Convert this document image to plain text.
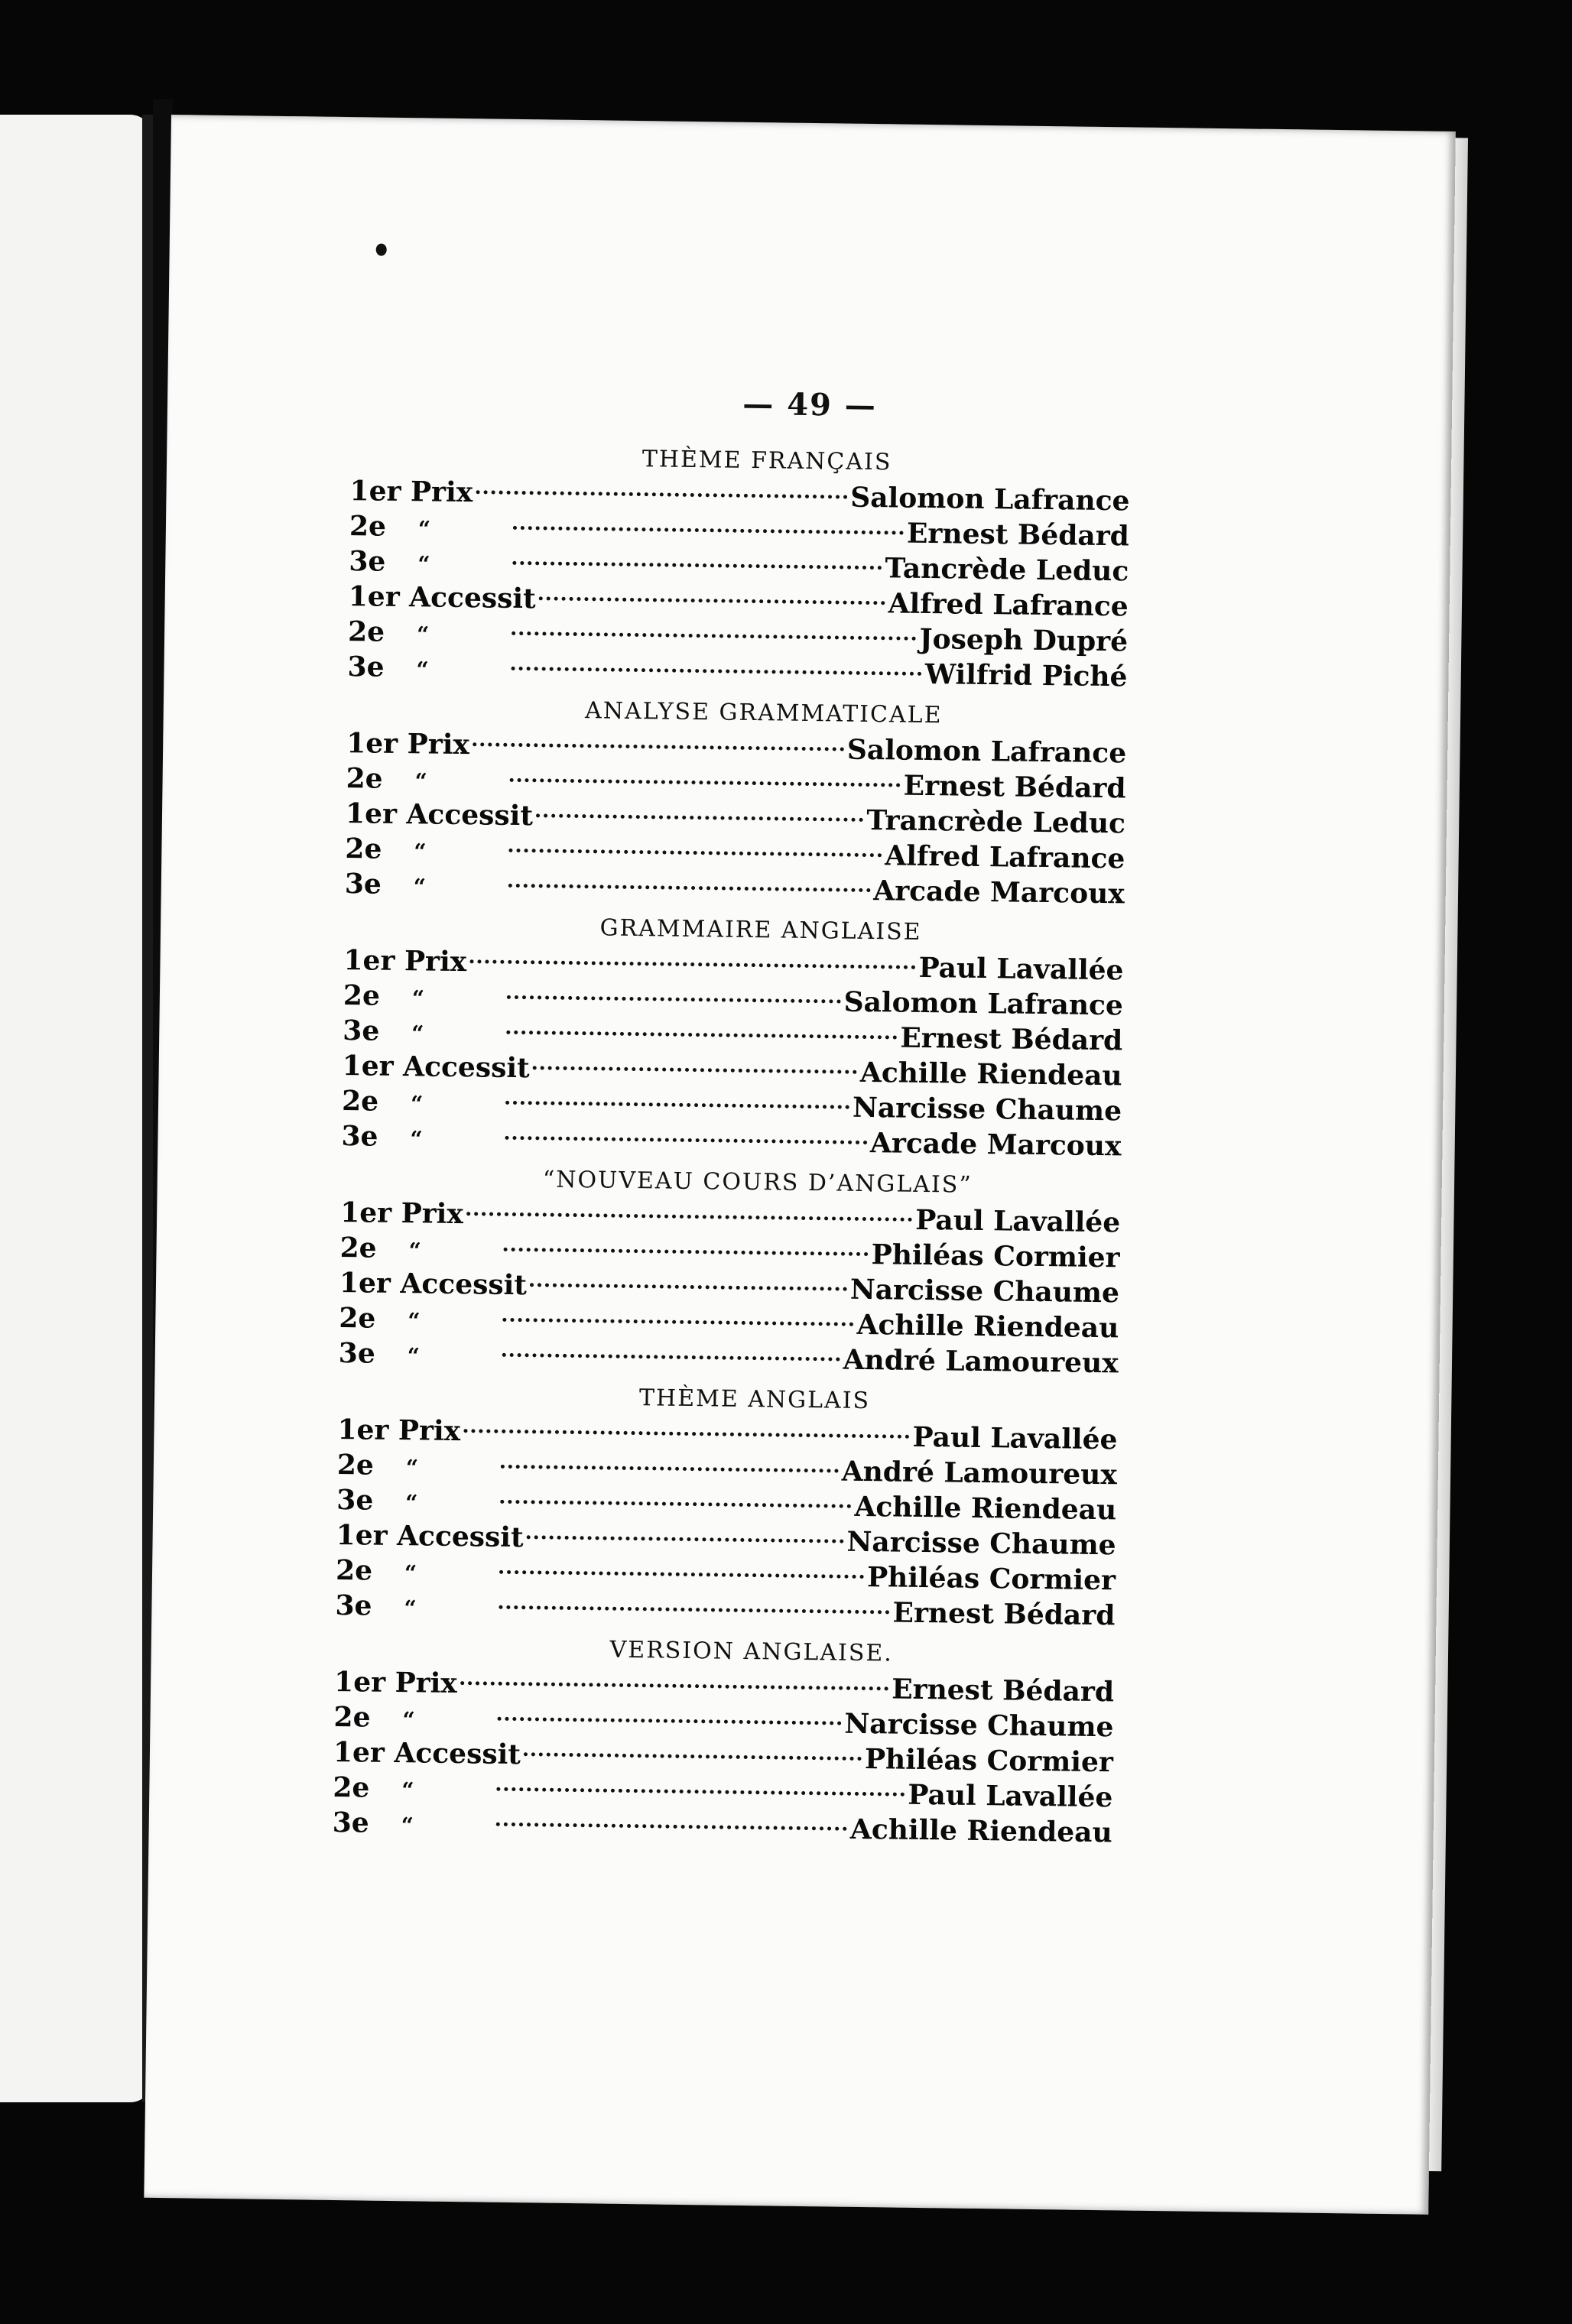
— 49 —
THÈME FRANÇAIS
1er Prix	Salomon Lafrance
2e	“	Ernest Bédard
3e	“	Tancrède Leduc
1er Accessit	Alfred Lafrance
2e	“	Joseph Dupré
3e	“	Wilfrid Piché
ANALYSE GRAMMATICALE
1er Prix	Salomon Lafrance
2e	“	Ernest Bédard
1er Accessit	Trancrède Leduc
2e	“	Alfred Lafrance
3e	“	Arcade Marcoux
GRAMMAIRE ANGLAISE
1er Prix	Paul Lavallée
2e	“	Salomon Lafrance
3e	“	Ernest Bédard
1er Accessit	Achille Riendeau
2e	“	Narcisse Chaume
3e	“	Arcade Marcoux
“NOUVEAU COURS D’ANGLAIS”
1er Prix	Paul Lavallée
2e	“	Philéas Cormier
1er Accessit	Narcisse Chaume
2e	“	Achille Riendeau
3e	“	André Lamoureux
THÈME ANGLAIS
1er Prix	Paul Lavallée
2e	“	André Lamoureux
3e	“	Achille Riendeau
1er Accessit	Narcisse Chaume
2e	“	Philéas Cormier
3e	“	Ernest Bédard
VERSION ANGLAISE.
1er Prix	Ernest Bédard
2e	“	Narcisse Chaume
1er Accessit	Philéas Cormier
2e	“	Paul Lavallée
3e	“	Achille Riendeau
